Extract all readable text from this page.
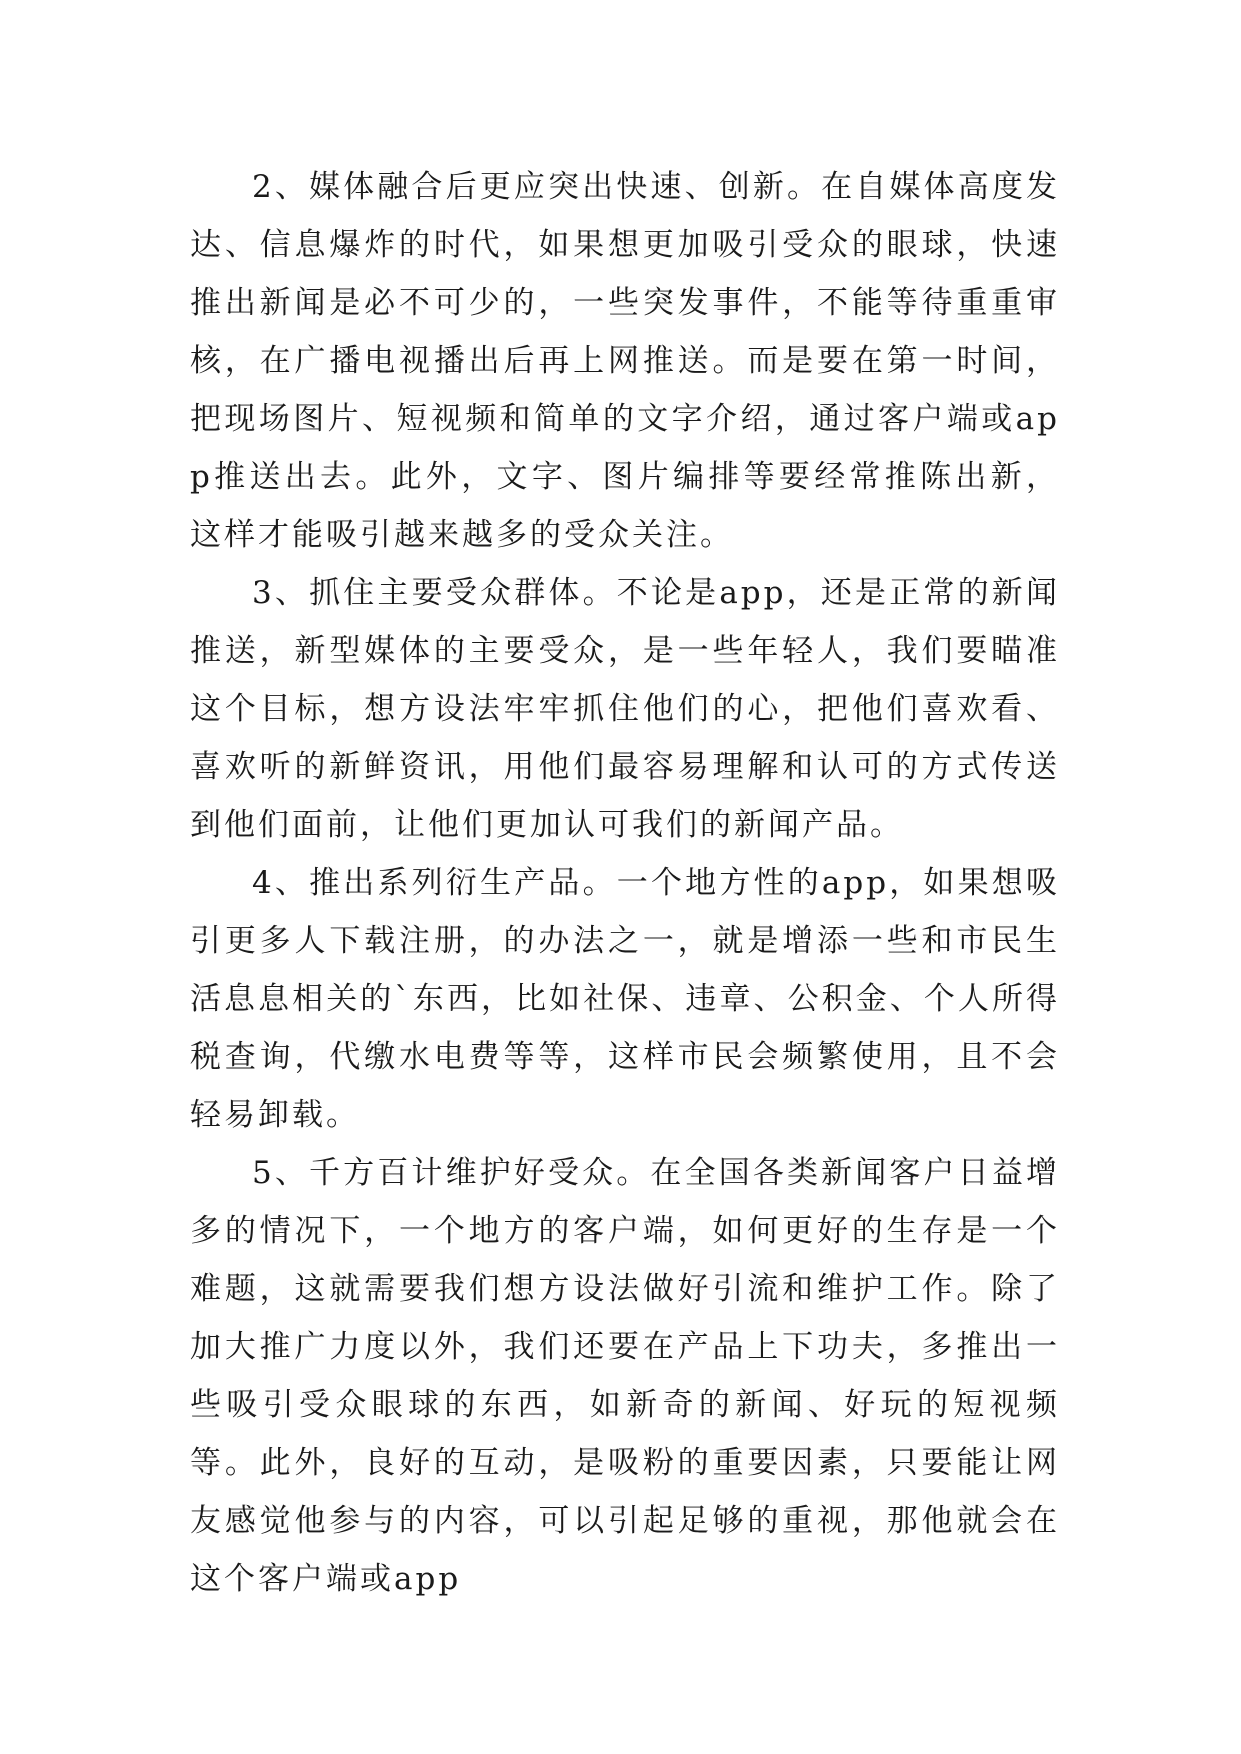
2、媒体融合后更应突出快速、创新。在自媒体高度发达、信息爆炸的时代，如果想更加吸引受众的眼球，快速推出新闻是必不可少的，一些突发事件，不能等待重重审核，在广播电视播出后再上网推送。而是要在第一时间，把现场图片、短视频和简单的文字介绍，通过客户端或app推送出去。此外，文字、图片编排等要经常推陈出新，这样才能吸引越来越多的受众关注。

3、抓住主要受众群体。不论是app，还是正常的新闻推送，新型媒体的主要受众，是一些年轻人，我们要瞄准这个目标，想方设法牢牢抓住他们的心，把他们喜欢看、喜欢听的新鲜资讯，用他们最容易理解和认可的方式传送到他们面前，让他们更加认可我们的新闻产品。

4、推出系列衍生产品。一个地方性的app，如果想吸引更多人下载注册，的办法之一，就是增添一些和市民生活息息相关的`东西，比如社保、违章、公积金、个人所得税查询，代缴水电费等等，这样市民会频繁使用，且不会轻易卸载。

5、千方百计维护好受众。在全国各类新闻客户日益增多的情况下，一个地方的客户端，如何更好的生存是一个难题，这就需要我们想方设法做好引流和维护工作。除了加大推广力度以外，我们还要在产品上下功夫，多推出一些吸引受众眼球的东西，如新奇的新闻、好玩的短视频等。此外，良好的互动，是吸粉的重要因素，只要能让网友感觉他参与的内容，可以引起足够的重视，那他就会在这个客户端或app
